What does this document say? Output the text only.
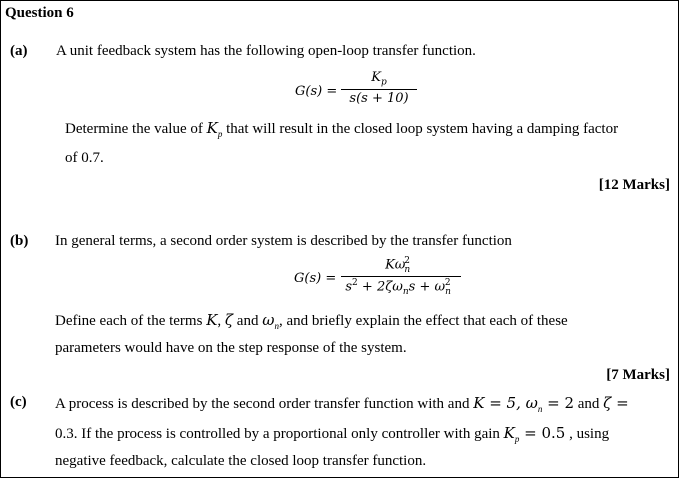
Question 6
(a) A unit feedback system has the following open-loop transfer function.
G(s) =
$K_p$
s(s + 10)
Determine the value of $K_p$ that will result in the closed loop system having a damping factor
of 0.7.
[12 Marks]
(b) In general terms, a second order system is described by the transfer function
G(s) =
$K\omega_n^2$
$s^2 + 2\zeta\omega_ns + \omega_n^2$
Define each of the terms K, ζ and $\omega_n$, and briefly explain the effect that each of these
parameters would have on the step response of the system.
[7 Marks]
(c) A process is described by the second order transfer function with and K = 5, $\omega_n = 2$ and ζ =
0.3. If the process is controlled by a proportional only controller with gain $K_p = 0.5$ , using
negative feedback, calculate the closed loop transfer function.
